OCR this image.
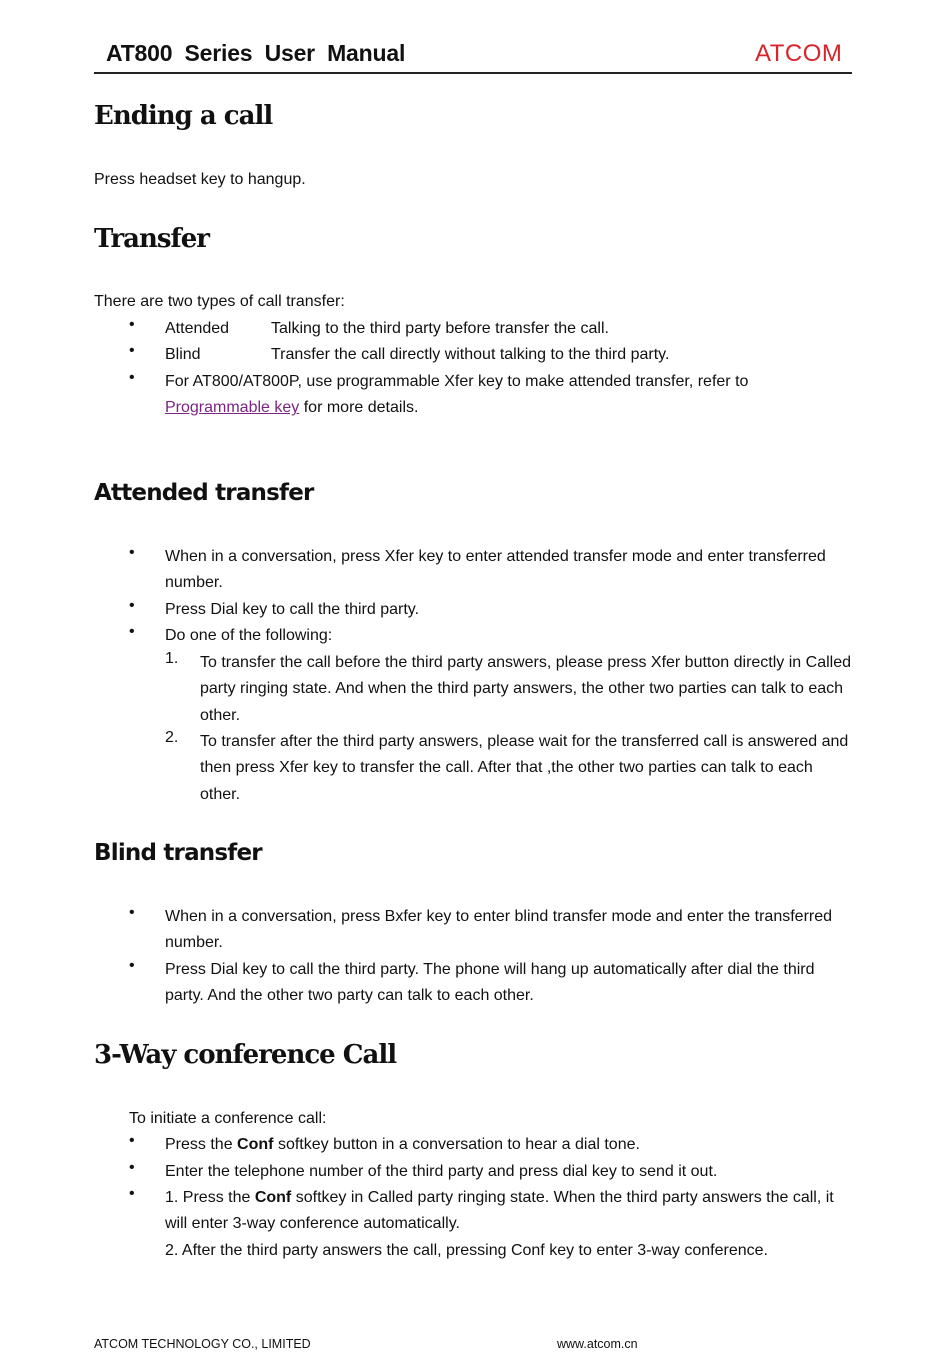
AT800 Series User Manual	ATCOM
Ending a call
Press headset key to hangup.
Transfer
There are two types of call transfer:
• Attended	Talking to the third party before transfer the call.
• Blind	Transfer the call directly without talking to the third party.
• For AT800/AT800P, use programmable Xfer key to make attended transfer, refer to Programmable key for more details.
Attended transfer
• When in a conversation, press Xfer key to enter attended transfer mode and enter transferred number.
• Press Dial key to call the third party.
• Do one of the following:
1. To transfer the call before the third party answers, please press Xfer button directly in Called party ringing state. And when the third party answers, the other two parties can talk to each other.
2. To transfer after the third party answers, please wait for the transferred call is answered and then press Xfer key to transfer the call. After that ,the other two parties can talk to each other.
Blind transfer
• When in a conversation, press Bxfer key to enter blind transfer mode and enter the transferred number.
• Press Dial key to call the third party. The phone will hang up automatically after dial the third party. And the other two party can talk to each other.
3-Way conference Call
To initiate a conference call:
• Press the Conf softkey button in a conversation to hear a dial tone.
• Enter the telephone number of the third party and press dial key to send it out.
• 1. Press the Conf softkey in Called party ringing state. When the third party answers the call, it will enter 3-way conference automatically.
2. After the third party answers the call, pressing Conf key to enter 3-way conference.
ATCOM TECHNOLOGY CO., LIMITED	www.atcom.cn
